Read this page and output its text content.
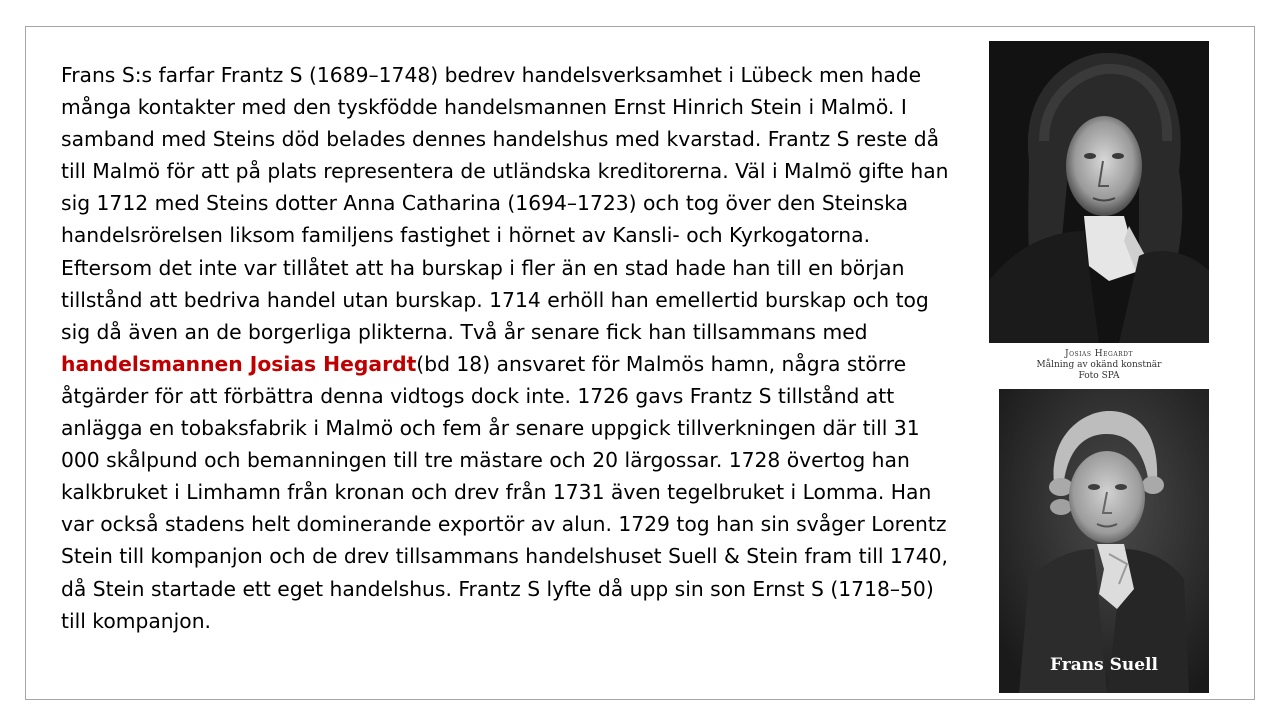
Frans S:s farfar Frantz S (1689–1748) bedrev handelsverksamhet i Lübeck men hade många kontakter med den tyskfödde handelsmannen Ernst Hinrich Stein i Malmö. I samband med Steins död belades dennes handelshus med kvarstad. Frantz S reste då till Malmö för att på plats representera de utländska kreditorerna. Väl i Malmö gifte han sig 1712 med Steins dotter Anna Catharina (1694–1723) och tog över den Steinska handelsrörelsen liksom familjens fastighet i hörnet av Kansli- och Kyrkogatorna. Eftersom det inte var tillåtet att ha burskap i fler än en stad hade han till en början tillstånd att bedriva handel utan burskap. 1714 erhöll han emellertid burskap och tog sig då även an de borgerliga plikterna. Två år senare fick han tillsammans med handelsmannen Josias Hegardt(bd 18) ansvaret för Malmös hamn, några större åtgärder för att förbättra denna vidtogs dock inte. 1726 gavs Frantz S tillstånd att anlägga en tobaksfabrik i Malmö och fem år senare uppgick tillverkningen där till 31 000 skålpund och bemanningen till tre mästare och 20 lärgossar. 1728 övertog han kalkbruket i Limhamn från kronan och drev från 1731 även tegelbruket i Lomma. Han var också stadens helt dominerande exportör av alun. 1729 tog han sin svåger Lorentz Stein till kompanjon och de drev tillsammans handelshuset Suell & Stein fram till 1740, då Stein startade ett eget handelshus. Frantz S lyfte då upp sin son Ernst S (1718–50) till kompanjon.

Josias Hegardt
Målning av okänd konstnär
Foto SPA
Frans Suell
